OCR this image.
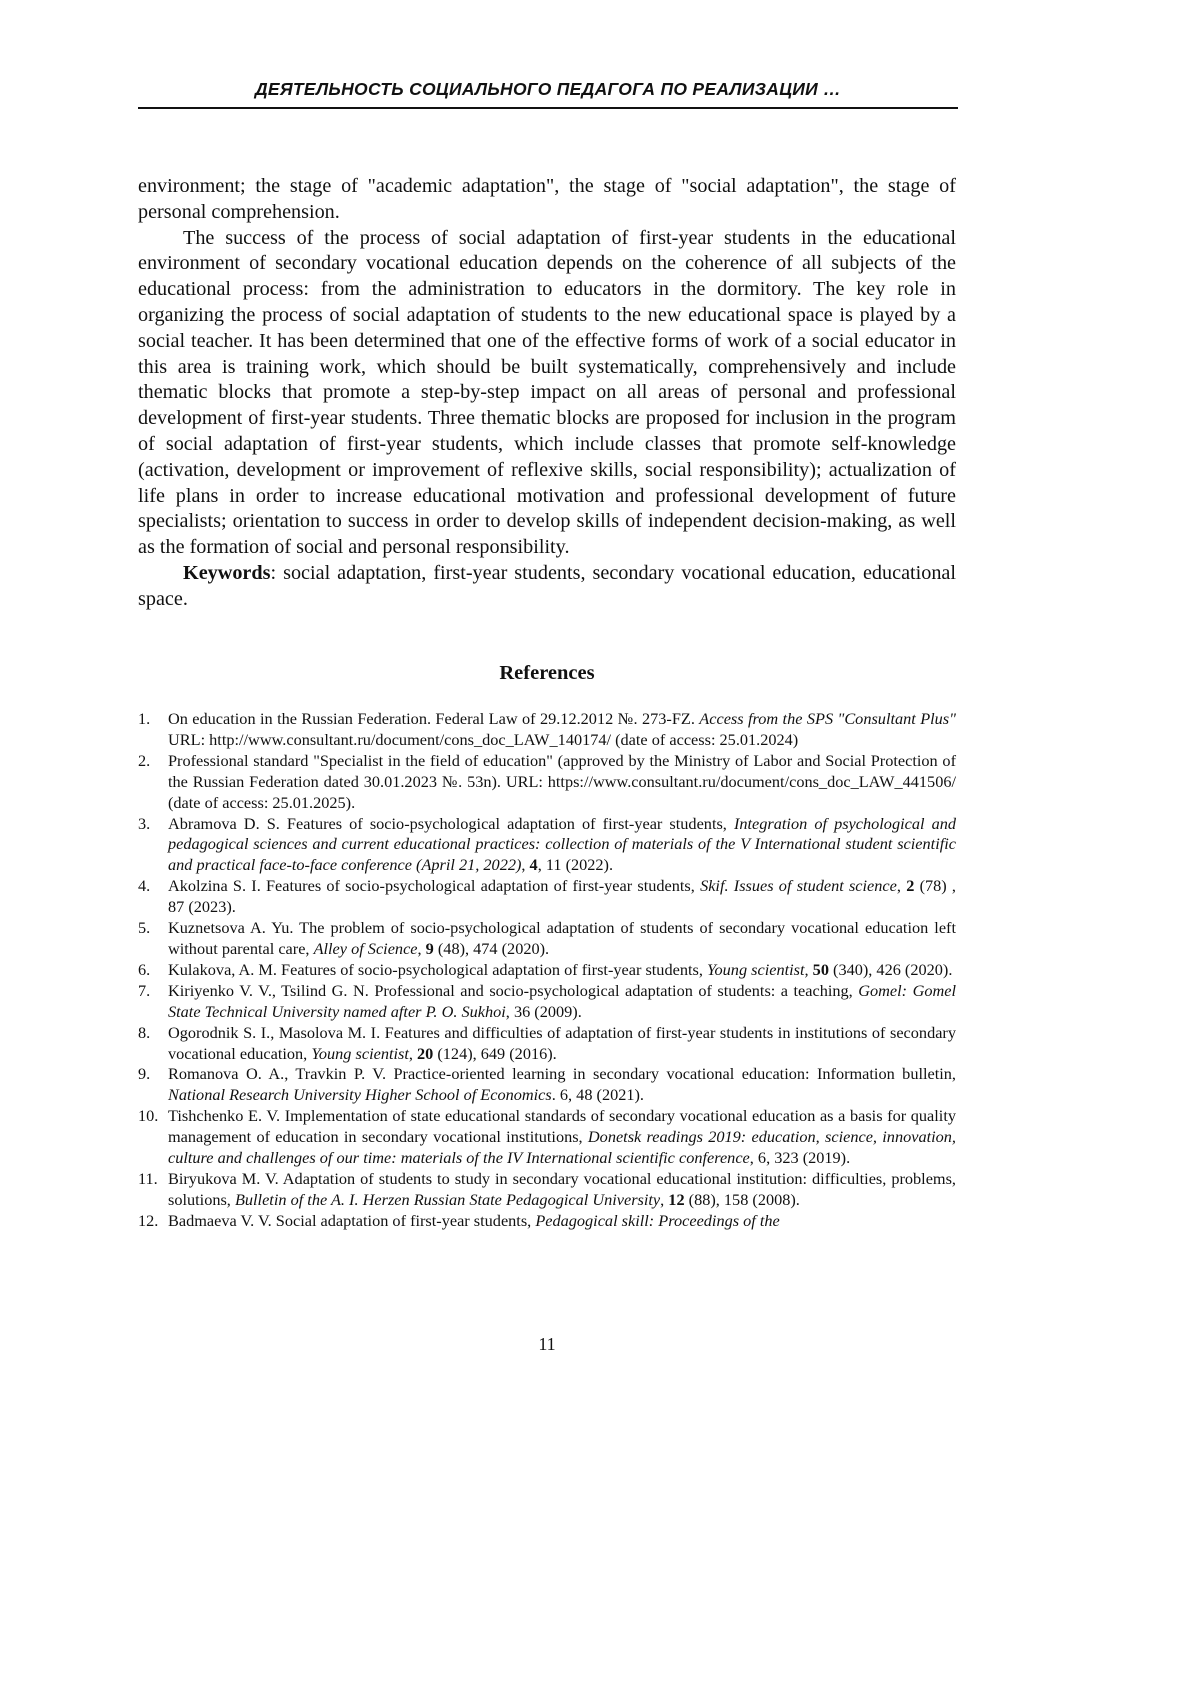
ДЕЯТЕЛЬНОСТЬ СОЦИАЛЬНОГО ПЕДАГОГА ПО РЕАЛИЗАЦИИ …

environment; the stage of "academic adaptation", the stage of "social adaptation", the stage of personal comprehension.

The success of the process of social adaptation of first-year students in the educational environment of secondary vocational education depends on the coherence of all subjects of the educational process: from the administration to educators in the dormitory. The key role in organizing the process of social adaptation of students to the new educational space is played by a social teacher. It has been determined that one of the effective forms of work of a social educator in this area is training work, which should be built systematically, comprehensively and include thematic blocks that promote a step-by-step impact on all areas of personal and professional development of first-year students. Three thematic blocks are proposed for inclusion in the program of social adaptation of first-year students, which include classes that promote self-knowledge (activation, development or improvement of reflexive skills, social responsibility); actualization of life plans in order to increase educational motivation and professional development of future specialists; orientation to success in order to develop skills of independent decision-making, as well as the formation of social and personal responsibility.

Keywords: social adaptation, first-year students, secondary vocational education, educational space.

References
1. On education in the Russian Federation. Federal Law of 29.12.2012 №. 273-FZ. Access from the SPS "Consultant Plus" URL: http://www.consultant.ru/document/cons_doc_LAW_140174/ (date of access: 25.01.2024)
2. Professional standard "Specialist in the field of education" (approved by the Ministry of Labor and Social Protection of the Russian Federation dated 30.01.2023 №. 53n). URL: https://www.consultant.ru/document/cons_doc_LAW_441506/ (date of access: 25.01.2025).
3. Abramova D. S. Features of socio-psychological adaptation of first-year students, Integration of psychological and pedagogical sciences and current educational practices: collection of materials of the V International student scientific and practical face-to-face conference (April 21, 2022), 4, 11 (2022).
4. Akolzina S. I. Features of socio-psychological adaptation of first-year students, Skif. Issues of student science, 2 (78) , 87 (2023).
5. Kuznetsova A. Yu. The problem of socio-psychological adaptation of students of secondary vocational education left without parental care, Alley of Science, 9 (48), 474 (2020).
6. Kulakova, A. M. Features of socio-psychological adaptation of first-year students, Young scientist, 50 (340), 426 (2020).
7. Kiriyenko V. V., Tsilind G. N. Professional and socio-psychological adaptation of students: a teaching, Gomel: Gomel State Technical University named after P. O. Sukhoi, 36 (2009).
8. Ogorodnik S. I., Masolova M. I. Features and difficulties of adaptation of first-year students in institutions of secondary vocational education, Young scientist, 20 (124), 649 (2016).
9. Romanova O. A., Travkin P. V. Practice-oriented learning in secondary vocational education: Information bulletin, National Research University Higher School of Economics. 6, 48 (2021).
10. Tishchenko E. V. Implementation of state educational standards of secondary vocational education as a basis for quality management of education in secondary vocational institutions, Donetsk readings 2019: education, science, innovation, culture and challenges of our time: materials of the IV International scientific conference, 6, 323 (2019).
11. Biryukova M. V. Adaptation of students to study in secondary vocational educational institution: difficulties, problems, solutions, Bulletin of the A. I. Herzen Russian State Pedagogical University, 12 (88), 158 (2008).
12. Badmaeva V. V. Social adaptation of first-year students, Pedagogical skill: Proceedings of the
11
